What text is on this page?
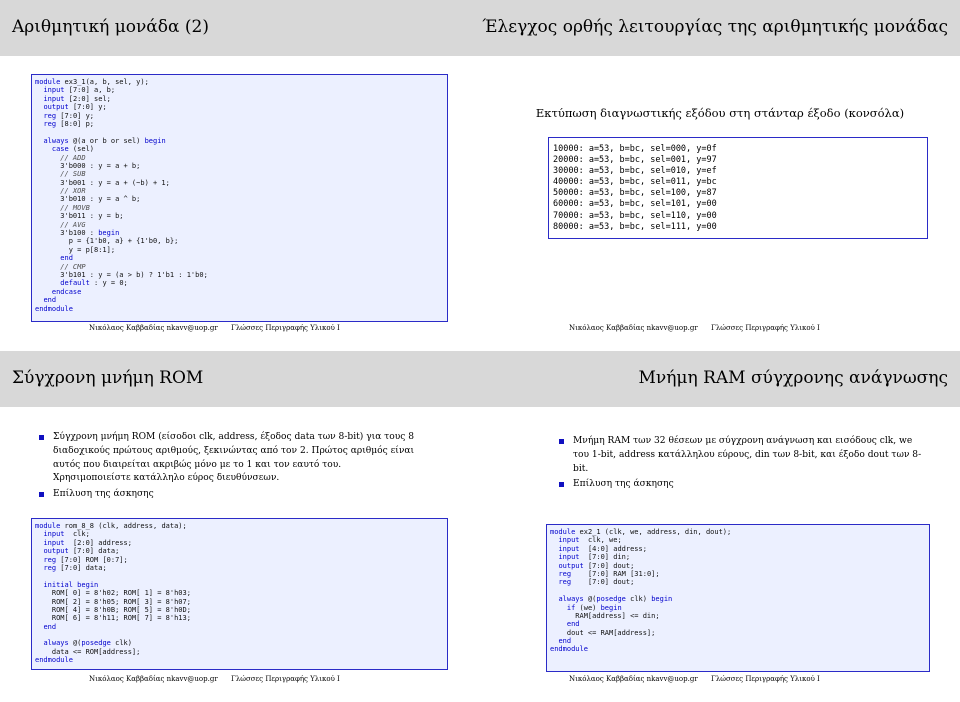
Αριθμητική μονάδα (2)
module ex3_1(a, b, sel, y);
input [7:0] a, b;
input [2:0] sel;
output [7:0] y;
reg [7:0] y;
reg [8:0] p;
always @(a or b or sel) begin
case (sel)
// ADD
3'b000 : y = a + b;
// SUB
3'b001 : y = a + (~b) + 1;
// XOR
3'b010 : y = a ^ b;
// MOVB
3'b011 : y = b;
// AVG
3'b100 : begin
p = {1'b0, a} + {1'b0, b};
y = p[8:1];
end
// CMP
3'b101 : y = (a > b) ? 1'b1 : 1'b0;
default : y = 0;
endcase
end
endmodule
Νικόλαος Καββαδίας nkavv@uop.gr Γλώσσες Περιγραφής Υλικού Ι
Έλεγχος ορθής λειτουργίας της αριθμητικής μονάδας
Εκτύπωση διαγνωστικής εξόδου στη στάνταρ έξοδο (κονσόλα)
10000: a=53, b=bc, sel=000, y=0f
20000: a=53, b=bc, sel=001, y=97
30000: a=53, b=bc, sel=010, y=ef
40000: a=53, b=bc, sel=011, y=bc
50000: a=53, b=bc, sel=100, y=87
60000: a=53, b=bc, sel=101, y=00
70000: a=53, b=bc, sel=110, y=00
80000: a=53, b=bc, sel=111, y=00
Νικόλαος Καββαδίας nkavv@uop.gr Γλώσσες Περιγραφής Υλικού Ι
Σύγχρονη μνήμη ROM
Σύγχρονη μνήμη ROM (είσοδοι clk, address, έξοδος data των 8-bit) για τους 8 διαδοχικούς πρώτους αριθμούς, ξεκινώντας από τον 2. Πρώτος αριθμός είναι αυτός που διαιρείται ακριβώς μόνο με το 1 και τον εαυτό του. Χρησιμοποιείστε κατάλληλο εύρος διευθύνσεων.
Επίλυση της άσκησης
module rom_8_8 (clk, address, data);
input  clk;
input  [2:0] address;
output [7:0] data;
reg [7:0] ROM [0:7];
reg [7:0] data;
initial begin
ROM[ 0] = 8'h02; ROM[ 1] = 8'h03;
ROM[ 2] = 8'h05; ROM[ 3] = 8'h07;
ROM[ 4] = 8'h0B; ROM[ 5] = 8'h0D;
ROM[ 6] = 8'h11; ROM[ 7] = 8'h13;
end
always @(posedge clk)
data <= ROM[address];
endmodule
Νικόλαος Καββαδίας nkavv@uop.gr Γλώσσες Περιγραφής Υλικού Ι
Μνήμη RAM σύγχρονης ανάγνωσης
Μνήμη RAM των 32 θέσεων με σύγχρονη ανάγνωση και εισόδους clk, we του 1-bit, address κατάλληλου εύρους, din των 8-bit, και έξοδο dout των 8-bit.
Επίλυση της άσκησης
module ex2_1 (clk, we, address, din, dout);
input  clk, we;
input  [4:0] address;
input  [7:0] din;
output [7:0] dout;
reg    [7:0] RAM [31:0];
reg    [7:0] dout;
always @(posedge clk) begin
if (we) begin
RAM[address] <= din;
end
dout <= RAM[address];
end
endmodule
Νικόλαος Καββαδίας nkavv@uop.gr Γλώσσες Περιγραφής Υλικού Ι
